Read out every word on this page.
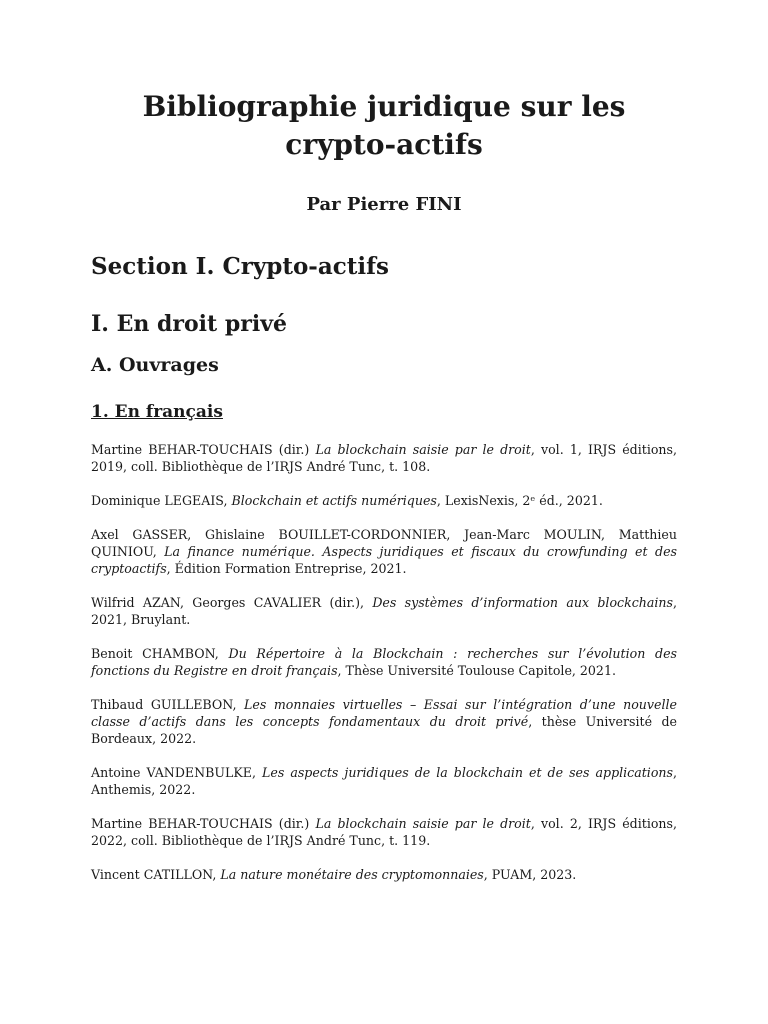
Bibliographie juridique sur les
crypto-actifs

Par Pierre FINI

Section I. Crypto-actifs
I. En droit privé
A. Ouvrages
1. En français
Martine BEHAR-TOUCHAIS (dir.) La blockchain saisie par le droit, vol. 1, IRJS éditions, 2019, coll. Bibliothèque de l’IRJS André Tunc, t. 108.
Dominique LEGEAIS, Blockchain et actifs numériques, LexisNexis, 2ᵉ éd., 2021.
Axel GASSER, Ghislaine BOUILLET-CORDONNIER, Jean-Marc MOULIN, Matthieu QUINIOU, La finance numérique. Aspects juridiques et fiscaux du crowfunding et des cryptoactifs, Édition Formation Entreprise, 2021.
Wilfrid AZAN, Georges CAVALIER (dir.), Des systèmes d’information aux blockchains, 2021, Bruylant.
Benoit CHAMBON, Du Répertoire à la Blockchain : recherches sur l’évolution des fonctions du Registre en droit français, Thèse Université Toulouse Capitole, 2021.
Thibaud GUILLEBON, Les monnaies virtuelles – Essai sur l’intégration d’une nouvelle classe d’actifs dans les concepts fondamentaux du droit privé, thèse Université de Bordeaux, 2022.
Antoine VANDENBULKE, Les aspects juridiques de la blockchain et de ses applications, Anthemis, 2022.
Martine BEHAR-TOUCHAIS (dir.) La blockchain saisie par le droit, vol. 2, IRJS éditions, 2022, coll. Bibliothèque de l’IRJS André Tunc, t. 119.
Vincent CATILLON, La nature monétaire des cryptomonnaies, PUAM, 2023.
